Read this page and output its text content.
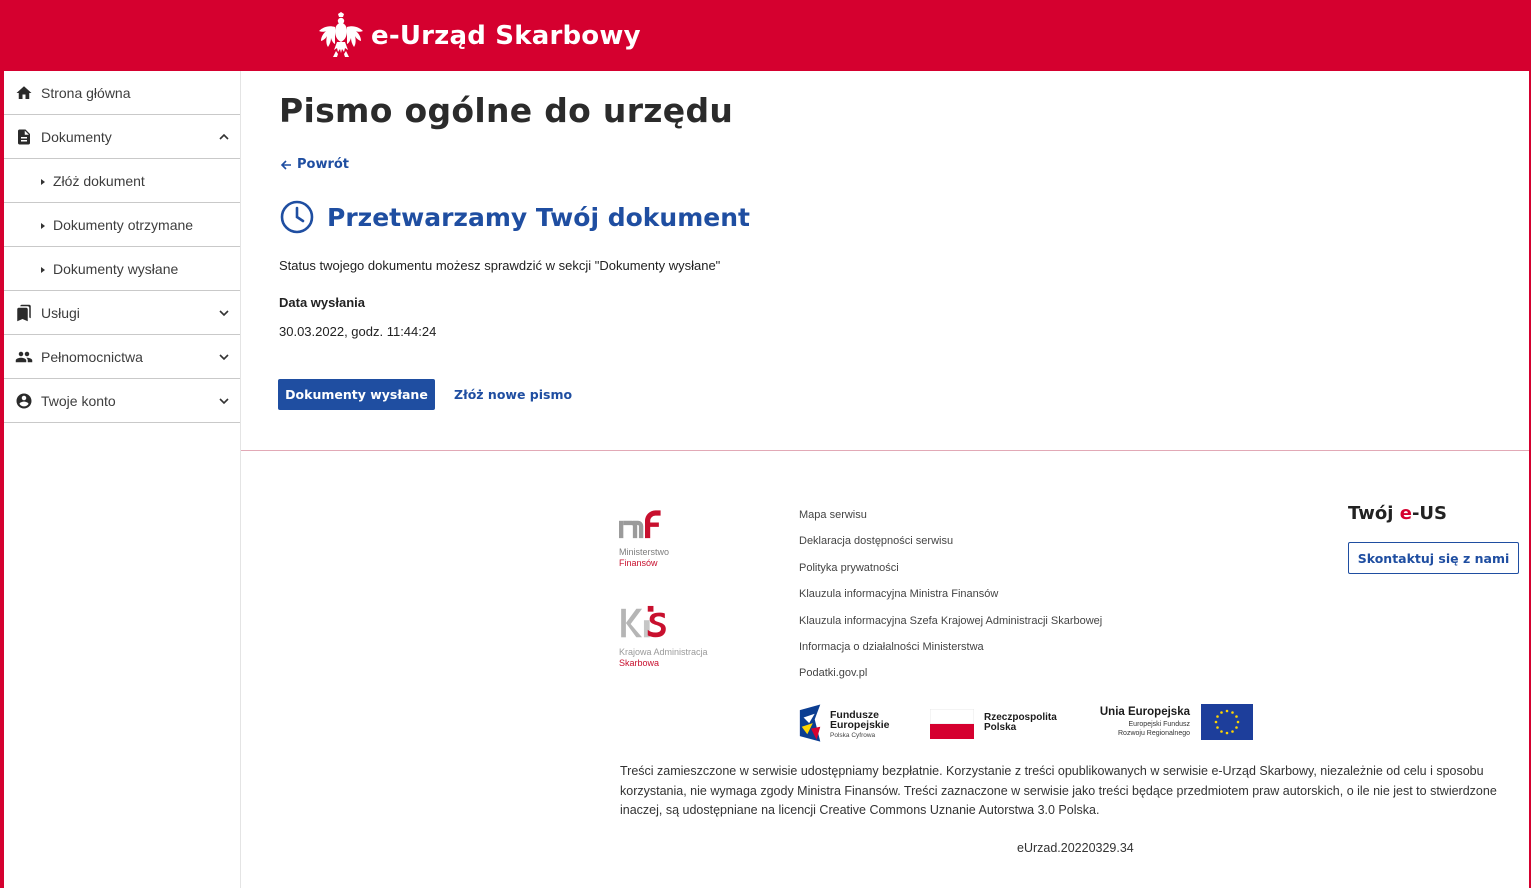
e-Urząd Skarbowy
Strona główna
Dokumenty
Złóż dokument
Dokumenty otrzymane
Dokumenty wysłane
Usługi
Pełnomocnictwa
Twoje konto
Pismo ogólne do urzędu
Powrót
Przetwarzamy Twój dokument

Status twojego dokumentu możesz sprawdzić w sekcji "Dokumenty wysłane"

Data wysłania

30.03.2022, godz. 11:44:24

Dokumenty wysłane	Złóż nowe pismo
Ministerstwo
Finansów
Krajowa Administracja
Skarbowa
Mapa serwisu
Deklaracja dostępności serwisu
Polityka prywatności
Klauzula informacyjna Ministra Finansów
Klauzula informacyjna Szefa Krajowej Administracji Skarbowej
Informacja o działalności Ministerstwa
Podatki.gov.pl
Twój e-US
Skontaktuj się z nami
Fundusze
Europejskie
Polska Cyfrowa
Rzeczpospolita
Polska
Unia Europejska
Europejski Fundusz
Rozwoju Regionalnego

Treści zamieszczone w serwisie udostępniamy bezpłatnie. Korzystanie z treści opublikowanych w serwisie e-Urząd Skarbowy, niezależnie od celu i sposobu korzystania, nie wymaga zgody Ministra Finansów. Treści zaznaczone w serwisie jako treści będące przedmiotem praw autorskich, o ile nie jest to stwierdzone inaczej, są udostępniane na licencji Creative Commons Uznanie Autorstwa 3.0 Polska.

eUrzad.20220329.34
